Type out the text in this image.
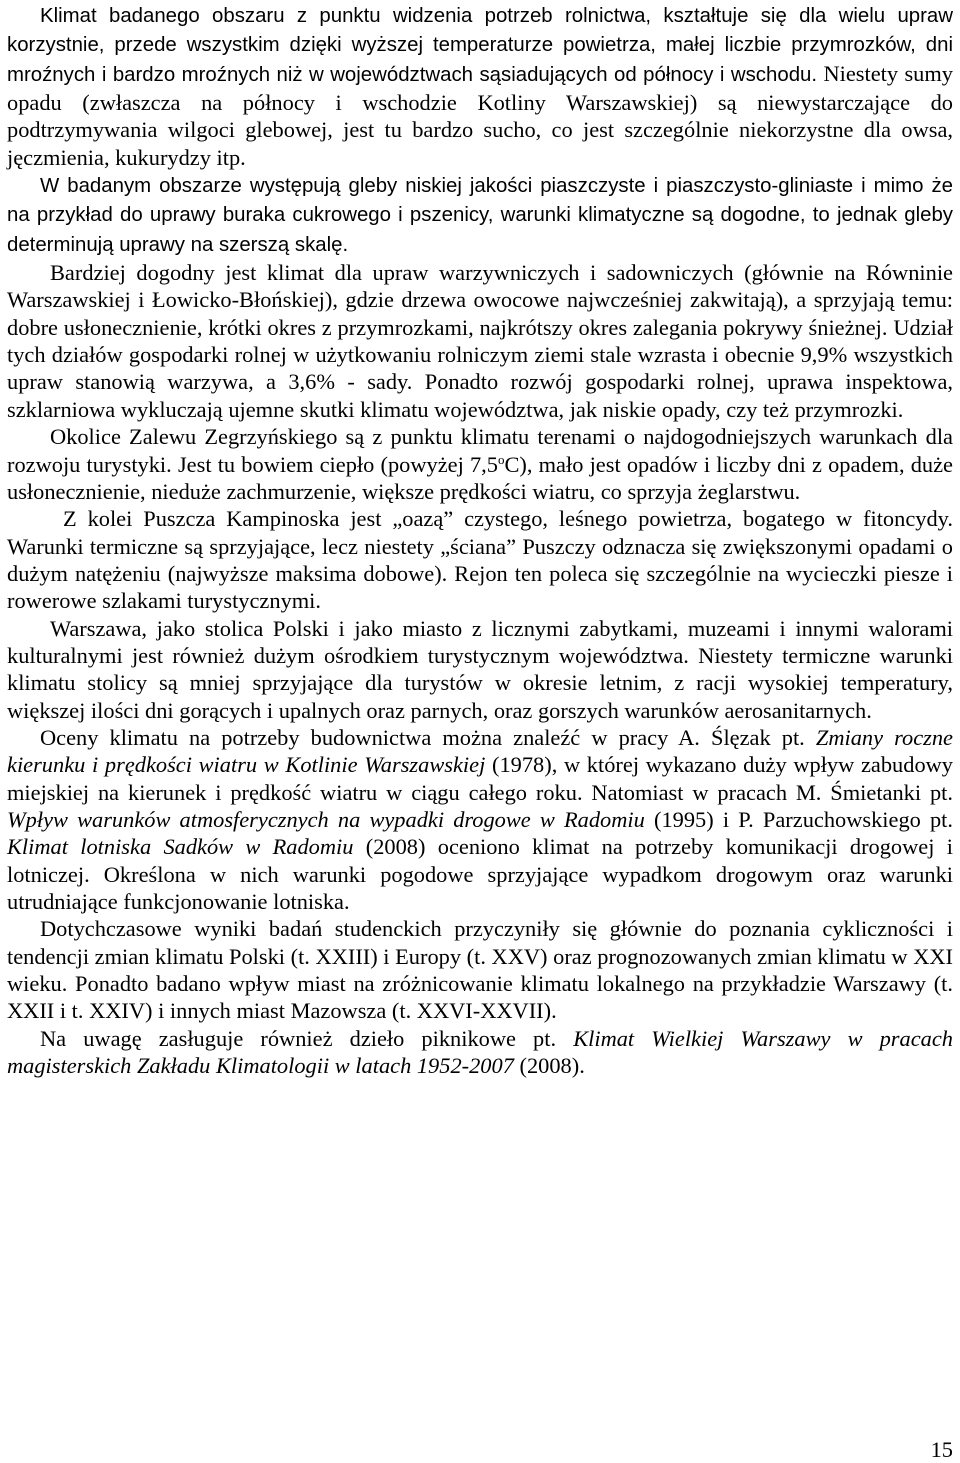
Klimat badanego obszaru z punktu widzenia potrzeb rolnictwa, kształtuje się dla wielu upraw korzystnie, przede wszystkim dzięki wyższej temperaturze powietrza, małej liczbie przymrozków, dni mroźnych i bardzo mroźnych niż w województwach sąsiadujących od północy i wschodu. Niestety sumy opadu (zwłaszcza na północy i wschodzie Kotliny Warszawskiej) są niewystarczające do podtrzymywania wilgoci glebowej, jest tu bardzo sucho, co jest szczególnie niekorzystne dla owsa, jęczmienia, kukurydzy itp.

W badanym obszarze występują gleby niskiej jakości piaszczyste i piaszczysto-gliniaste i mimo że na przykład do uprawy buraka cukrowego i pszenicy, warunki klimatyczne są dogodne, to jednak gleby determinują uprawy na szerszą skalę.

Bardziej dogodny jest klimat dla upraw warzywniczych i sadowniczych (głównie na Równinie Warszawskiej i Łowicko-Błońskiej), gdzie drzewa owocowe najwcześniej zakwitają), a sprzyjają temu: dobre usłonecznienie, krótki okres z przymrozkami, najkrótszy okres zalegania pokrywy śnieżnej. Udział tych działów gospodarki rolnej w użytkowaniu rolniczym ziemi stale wzrasta i obecnie 9,9% wszystkich upraw stanowią warzywa, a 3,6% - sady. Ponadto rozwój gospodarki rolnej, uprawa inspektowa, szklarniowa wykluczają ujemne skutki klimatu województwa, jak niskie opady, czy też przymrozki.

Okolice Zalewu Zegrzyńskiego są z punktu klimatu terenami o najdogodniejszych warunkach dla rozwoju turystyki. Jest tu bowiem ciepło (powyżej 7,5$^o$C), mało jest opadów i liczby dni z opadem, duże usłonecznienie, nieduże zachmurzenie, większe prędkości wiatru, co sprzyja żeglarstwu.

Z kolei Puszcza Kampinoska jest „oazą” czystego, leśnego powietrza, bogatego w fitoncydy. Warunki termiczne są sprzyjające, lecz niestety „ściana” Puszczy odznacza się zwiększonymi opadami o dużym natężeniu (najwyższe maksima dobowe). Rejon ten poleca się szczególnie na wycieczki piesze i rowerowe szlakami turystycznymi.

Warszawa, jako stolica Polski i jako miasto z licznymi zabytkami, muzeami i innymi walorami kulturalnymi jest również dużym ośrodkiem turystycznym województwa. Niestety termiczne warunki klimatu stolicy są mniej sprzyjające dla turystów w okresie letnim, z racji wysokiej temperatury, większej ilości dni gorących i upalnych oraz parnych, oraz gorszych warunków aerosanitarnych.

Oceny klimatu na potrzeby budownictwa można znaleźć w pracy A. Ślęzak pt. Zmiany roczne kierunku i prędkości wiatru w Kotlinie Warszawskiej (1978), w której wykazano duży wpływ zabudowy miejskiej na kierunek i prędkość wiatru w ciągu całego roku. Natomiast w pracach M. Śmietanki pt. Wpływ warunków atmosferycznych na wypadki drogowe w Radomiu (1995) i P. Parzuchowskiego pt. Klimat lotniska Sadków w Radomiu (2008) oceniono klimat na potrzeby komunikacji drogowej i lotniczej. Określona w nich warunki pogodowe sprzyjające wypadkom drogowym oraz warunki utrudniające funkcjonowanie lotniska.

Dotychczasowe wyniki badań studenckich przyczyniły się głównie do poznania cykliczności i tendencji zmian klimatu Polski (t. XXIII) i Europy (t. XXV) oraz prognozowanych zmian klimatu w XXI wieku. Ponadto badano wpływ miast na zróżnicowanie klimatu lokalnego na przykładzie Warszawy (t. XXII i t. XXIV) i innych miast Mazowsza (t. XXVI-XXVII).

Na uwagę zasługuje również dzieło piknikowe pt. Klimat Wielkiej Warszawy w pracach magisterskich Zakładu Klimatologii w latach 1952-2007 (2008).

15
